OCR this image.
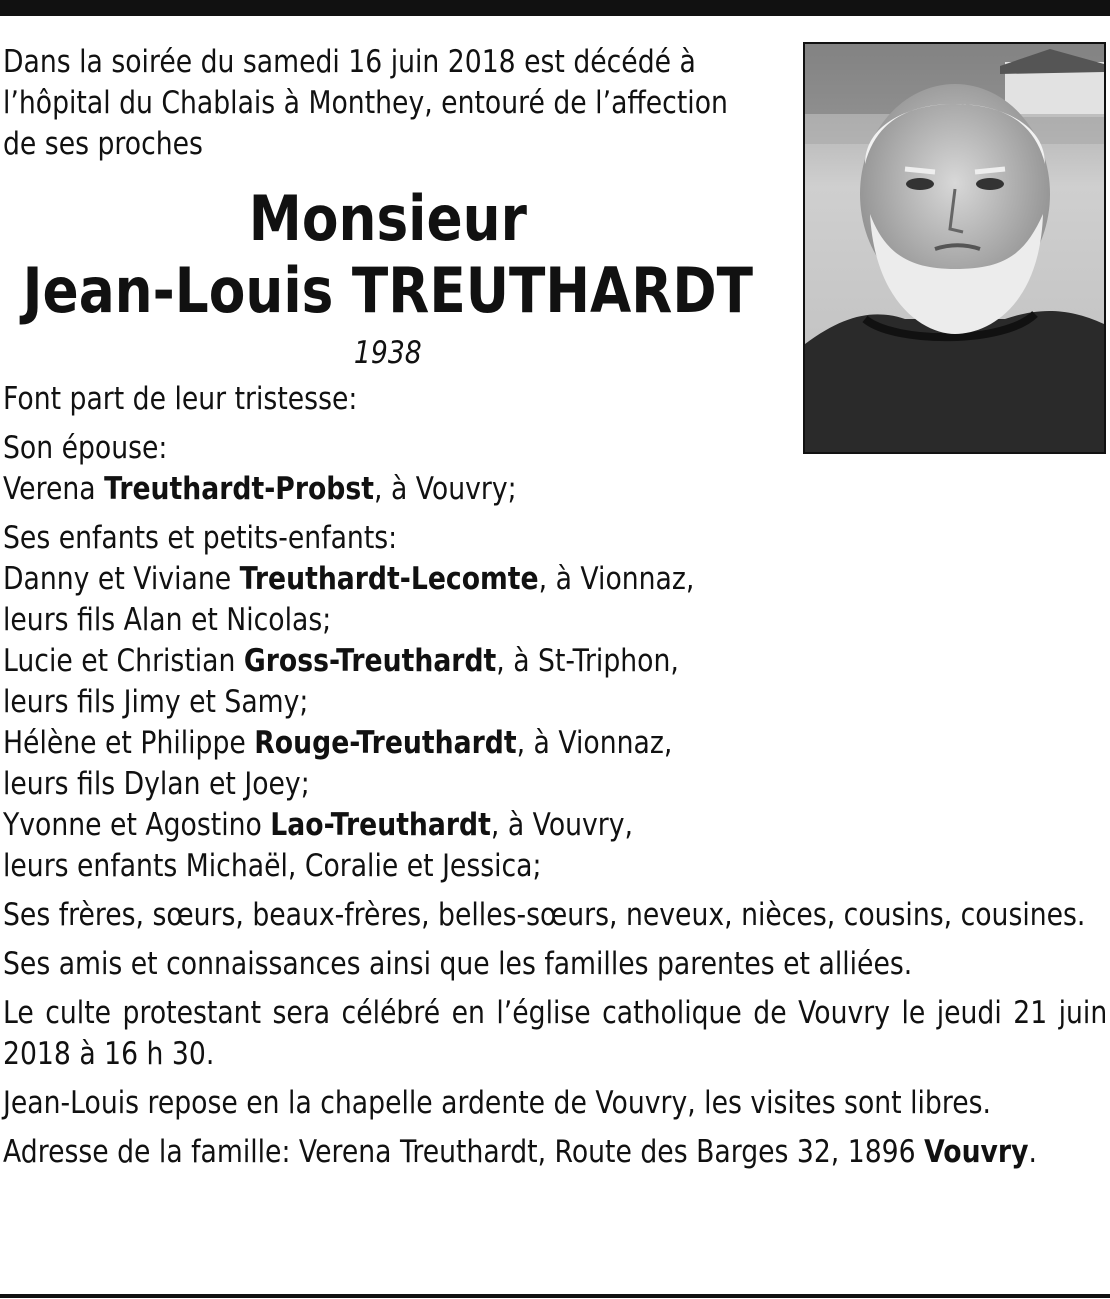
Dans la soirée du samedi 16 juin 2018 est décédé à
l’hôpital du Chablais à Monthey, entouré de l’affection
de ses proches
Monsieur
Jean-Louis TREUTHARDT
1938
Font part de leur tristesse:
Son épouse:
Verena Treuthardt-Probst, à Vouvry;
Ses enfants et petits-enfants:
Danny et Viviane Treuthardt-Lecomte, à Vionnaz,
leurs fils Alan et Nicolas;
Lucie et Christian Gross-Treuthardt, à St-Triphon,
leurs fils Jimy et Samy;
Hélène et Philippe Rouge-Treuthardt, à Vionnaz,
leurs fils Dylan et Joey;
Yvonne et Agostino Lao-Treuthardt, à Vouvry,
leurs enfants Michaël, Coralie et Jessica;
Ses frères, sœurs, beaux-frères, belles-sœurs, neveux, nièces, cousins, cousines.
Ses amis et connaissances ainsi que les familles parentes et alliées.
Le culte protestant sera célébré en l’église catholique de Vouvry le jeudi 21 juin 2018 à 16 h 30.
Jean-Louis repose en la chapelle ardente de Vouvry, les visites sont libres.
Adresse de la famille: Verena Treuthardt, Route des Barges 32, 1896 Vouvry.
